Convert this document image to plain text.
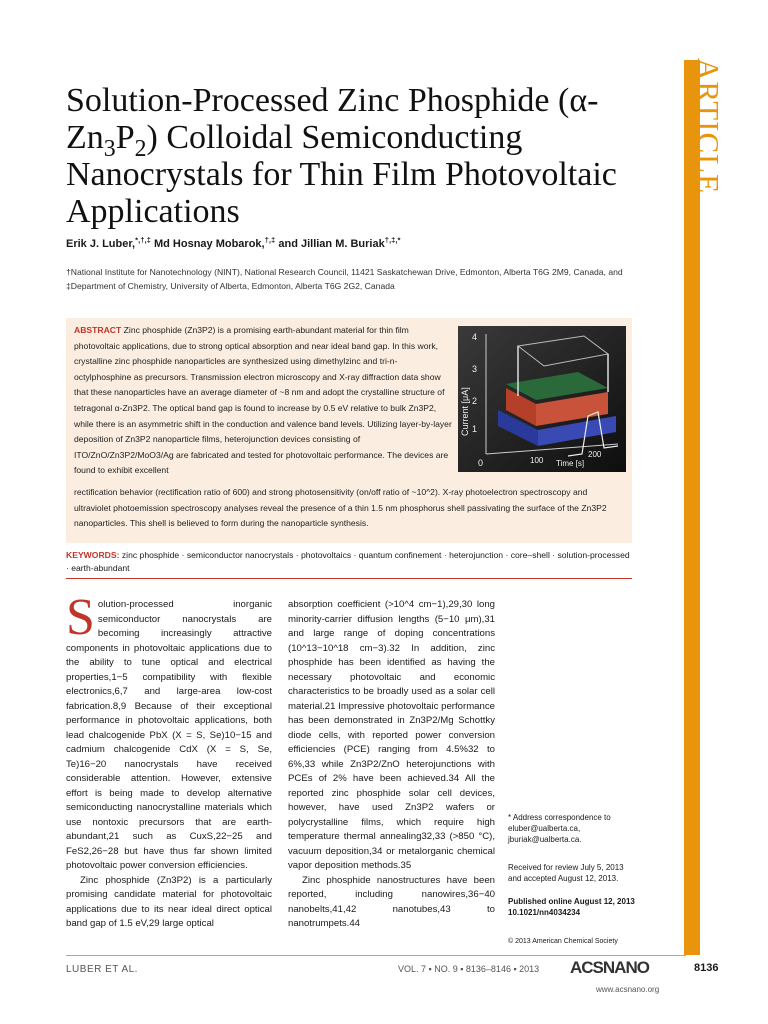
ARTICLE
Solution-Processed Zinc Phosphide $(\alpha-Zn_3P_2)$ Colloidal Semiconducting Nanocrystals for Thin Film Photovoltaic Applications
Erik J. Luber,*,†,‡ Md Hosnay Mobarok,†,‡ and Jillian M. Buriak†,‡,*
†National Institute for Nanotechnology (NINT), National Research Council, 11421 Saskatchewan Drive, Edmonton, Alberta T6G 2M9, Canada, and ‡Department of Chemistry, University of Alberta, Edmonton, Alberta T6G 2G2, Canada
ABSTRACT Zinc phosphide (Zn3P2) is a promising earth-abundant material for thin film photovoltaic applications, due to strong optical absorption and near ideal band gap. In this work, crystalline zinc phosphide nanoparticles are synthesized using dimethylzinc and tri-n-octylphosphine as precursors. Transmission electron microscopy and X-ray diffraction data show that these nanoparticles have an average diameter of ~8 nm and adopt the crystalline structure of tetragonal α-Zn3P2. The optical band gap is found to increase by 0.5 eV relative to bulk Zn3P2, while there is an asymmetric shift in the conduction and valence band levels. Utilizing layer-by-layer deposition of Zn3P2 nanoparticle films, heterojunction devices consisting of ITO/ZnO/Zn3P2/MoO3/Ag are fabricated and tested for photovoltaic performance. The devices are found to exhibit excellent
4
3
2
1
0	100
200
Time [s]
Current [μA]
rectification behavior (rectification ratio of 600) and strong photosensitivity (on/off ratio of ~10^2). X-ray photoelectron spectroscopy and ultraviolet photoemission spectroscopy analyses reveal the presence of a thin 1.5 nm phosphorus shell passivating the surface of the Zn3P2 nanoparticles. This shell is believed to form during the nanoparticle synthesis.
KEYWORDS: zinc phosphide · semiconductor nanocrystals · photovoltaics · quantum confinement · heterojunction · core–shell · solution-processed · earth-abundant
S olution-processed inorganic semiconductor nanocrystals are becoming increasingly attractive components in photovoltaic applications due to the ability to tune optical and electrical properties,1−5 compatibility with flexible electronics,6,7 and large-area low-cost fabrication.8,9 Because of their exceptional performance in photovoltaic applications, both lead chalcogenide PbX (X = S, Se)10−15 and cadmium chalcogenide CdX (X = S, Se, Te)16−20 nanocrystals have received considerable attention. However, extensive effort is being made to develop alternative semiconducting nanocrystalline materials which use nontoxic precursors that are earth-abundant,21 such as CuxS,22−25 and FeS2,26−28 but have thus far shown limited photovoltaic power conversion efficiencies.
Zinc phosphide (Zn3P2) is a particularly promising candidate material for photovoltaic applications due to its near ideal direct optical band gap of 1.5 eV,29 large optical
absorption coefficient (>10^4 cm−1),29,30 long minority-carrier diffusion lengths (5−10 μm),31 and large range of doping concentrations (10^13−10^18 cm−3).32 In addition, zinc phosphide has been identified as having the necessary photovoltaic and economic characteristics to be broadly used as a solar cell material.21 Impressive photovoltaic performance has been demonstrated in Zn3P2/Mg Schottky diode cells, with reported power conversion efficiencies (PCE) ranging from 4.5%32 to 6%,33 while Zn3P2/ZnO heterojunctions with PCEs of 2% have been achieved.34 All the reported zinc phosphide solar cell devices, however, have used Zn3P2 wafers or polycrystalline films, which require high temperature thermal annealing32,33 (>850 °C), vacuum deposition,34 or metalorganic chemical vapor deposition methods.35
Zinc phosphide nanostructures have been reported, including nanowires,36−40 nanobelts,41,42 nanotubes,43 to nanotrumpets.44
* Address correspondence to
eluber@ualberta.ca,
jburiak@ualberta.ca.
Received for review July 5, 2013 and accepted August 12, 2013.
Published online August 12, 2013 10.1021/nn4034234
© 2013 American Chemical Society
LUBER ET AL.	VOL. 7 ▪ NO. 9 ▪ 8136–8146 ▪ 2013 ACSNANO	8136
www.acsnano.org
